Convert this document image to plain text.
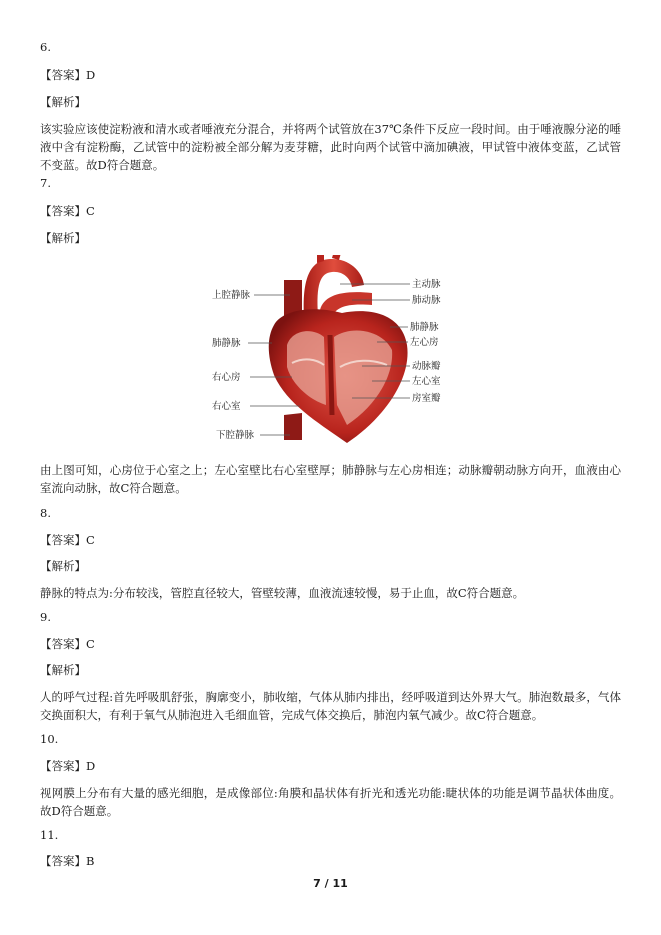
6.
【答案】D
【解析】
该实验应该使淀粉液和清水或者唾液充分混合，并将两个试管放在37℃条件下反应一段时间。由于唾液腺分泌的唾液中含有淀粉酶，乙试管中的淀粉被全部分解为麦芽糖，此时向两个试管中滴加碘液，甲试管中液体变蓝，乙试管不变蓝。故D符合题意。
7.
【答案】C
【解析】
上腔静脉
肺静脉
右心房
右心室
下腔静脉
主动脉
肺动脉
肺静脉
左心房
动脉瓣
左心室
房室瓣
由上图可知，心房位于心室之上；左心室壁比右心室壁厚；肺静脉与左心房相连；动脉瓣朝动脉方向开，血液由心室流向动脉，故C符合题意。
8.
【答案】C
【解析】
静脉的特点为:分布较浅，管腔直径较大，管壁较薄，血液流速较慢，易于止血，故C符合题意。
9.
【答案】C
【解析】
人的呼气过程:首先呼吸肌舒张，胸廓变小，肺收缩，气体从肺内排出，经呼吸道到达外界大气。肺泡数最多，气体交换面积大，有利于氧气从肺泡进入毛细血管，完成气体交换后，肺泡内氧气减少。故C符合题意。
10.
【答案】D
视网膜上分布有大量的感光细胞，是成像部位:角膜和晶状体有折光和透光功能:睫状体的功能是调节晶状体曲度。故D符合题意。
11.
【答案】B
7 / 11
